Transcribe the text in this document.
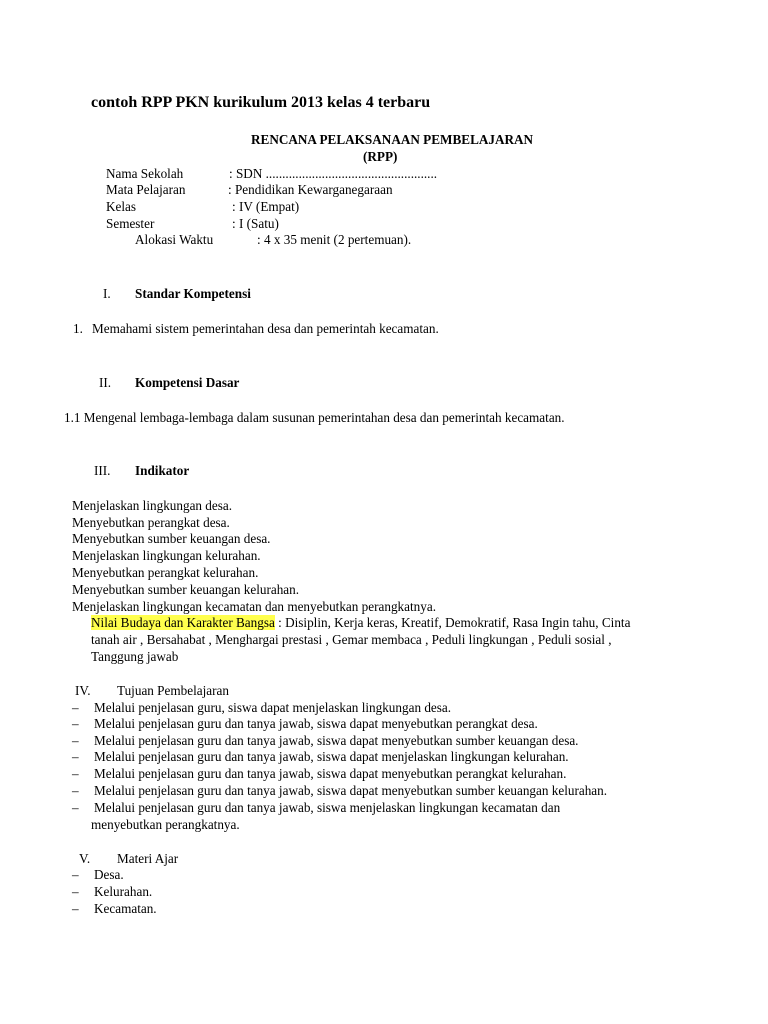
contoh RPP PKN kurikulum 2013 kelas 4 terbaru
RENCANA PELAKSANAAN PEMBELAJARAN
(RPP)
Nama Sekolah	: SDN ....................................................
Mata Pelajaran	: Pendidikan Kewarganegaraan
Kelas	: IV (Empat)
Semester	: I (Satu)
Alokasi Waktu	: 4 x 35 menit (2 pertemuan).
I. Standar Kompetensi
1. Memahami sistem pemerintahan desa dan pemerintah kecamatan.
II. Kompetensi Dasar
1.1 Mengenal lembaga-lembaga dalam susunan pemerintahan desa dan pemerintah kecamatan.
III. Indikator
Menjelaskan lingkungan desa.
Menyebutkan perangkat desa.
Menyebutkan sumber keuangan desa.
Menjelaskan lingkungan kelurahan.
Menyebutkan perangkat kelurahan.
Menyebutkan sumber keuangan kelurahan.
Menjelaskan lingkungan kecamatan dan menyebutkan perangkatnya.
Nilai Budaya dan Karakter Bangsa : Disiplin, Kerja keras, Kreatif, Demokratif, Rasa Ingin tahu, Cinta
tanah air , Bersahabat , Menghargai prestasi , Gemar membaca , Peduli lingkungan , Peduli sosial ,
Tanggung jawab
IV. Tujuan Pembelajaran
– Melalui penjelasan guru, siswa dapat menjelaskan lingkungan desa.
– Melalui penjelasan guru dan tanya jawab, siswa dapat menyebutkan perangkat desa.
– Melalui penjelasan guru dan tanya jawab, siswa dapat menyebutkan sumber keuangan desa.
– Melalui penjelasan guru dan tanya jawab, siswa dapat menjelaskan lingkungan kelurahan.
– Melalui penjelasan guru dan tanya jawab, siswa dapat menyebutkan perangkat kelurahan.
– Melalui penjelasan guru dan tanya jawab, siswa dapat menyebutkan sumber keuangan kelurahan.
– Melalui penjelasan guru dan tanya jawab, siswa menjelaskan lingkungan kecamatan dan
menyebutkan perangkatnya.
V. Materi Ajar
– Desa.
– Kelurahan.
– Kecamatan.
